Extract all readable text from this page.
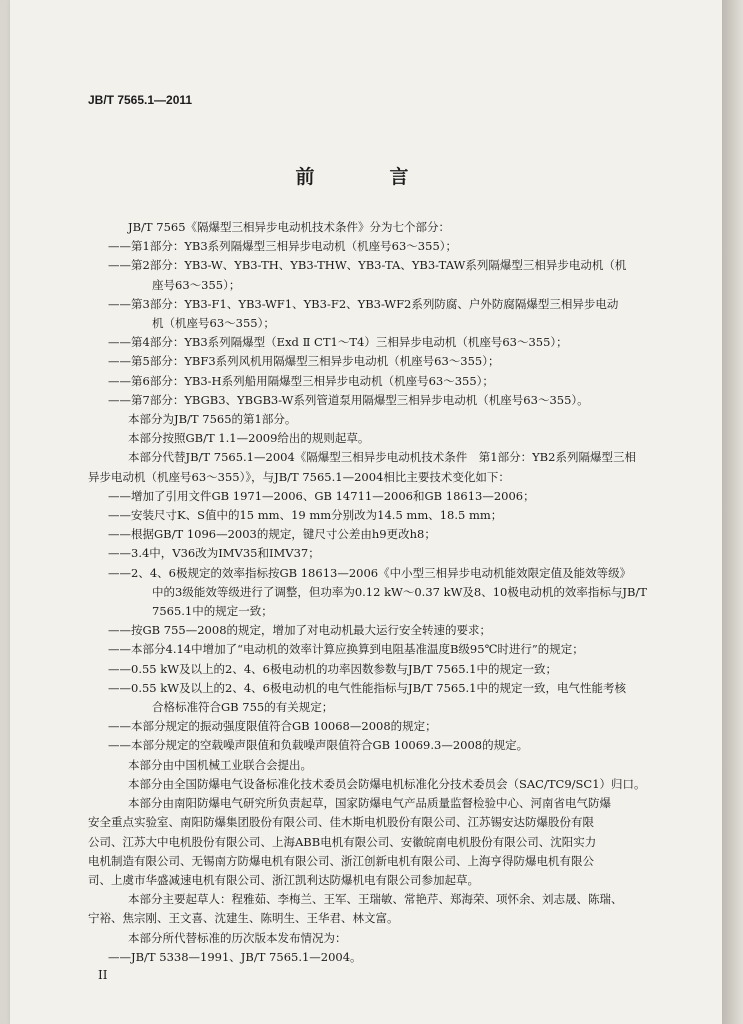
JB/T 7565.1—2011
前　言
JB/T 7565《隔爆型三相异步电动机技术条件》分为七个部分：
——第1部分：YB3系列隔爆型三相异步电动机（机座号63～355）；
——第2部分：YB3-W、YB3-TH、YB3-THW、YB3-TA、YB3-TAW系列隔爆型三相异步电动机（机
座号63～355）；
——第3部分：YB3-F1、YB3-WF1、YB3-F2、YB3-WF2系列防腐、户外防腐隔爆型三相异步电动
机（机座号63～355）；
——第4部分：YB3系列隔爆型（Exd Ⅱ CT1～T4）三相异步电动机（机座号63～355）；
——第5部分：YBF3系列风机用隔爆型三相异步电动机（机座号63～355）；
——第6部分：YB3-H系列船用隔爆型三相异步电动机（机座号63～355）；
——第7部分：YBGB3、YBGB3-W系列管道泵用隔爆型三相异步电动机（机座号63～355）。
本部分为JB/T 7565的第1部分。
本部分按照GB/T 1.1—2009给出的规则起草。
本部分代替JB/T 7565.1—2004《隔爆型三相异步电动机技术条件　第1部分：YB2系列隔爆型三相
异步电动机（机座号63～355）》，与JB/T 7565.1—2004相比主要技术变化如下：
——增加了引用文件GB 1971—2006、GB 14711—2006和GB 18613—2006；
——安装尺寸K、S值中的15 mm、19 mm分别改为14.5 mm、18.5 mm；
——根据GB/T 1096—2003的规定，键尺寸公差由h9更改h8；
——3.4中，V36改为IMV35和IMV37；
——2、4、6极规定的效率指标按GB 18613—2006《中小型三相异步电动机能效限定值及能效等级》
中的3级能效等级进行了调整，但功率为0.12 kW～0.37 kW及8、10极电动机的效率指标与JB/T
7565.1中的规定一致；
——按GB 755—2008的规定，增加了对电动机最大运行安全转速的要求；
——本部分4.14中增加了“电动机的效率计算应换算到电阻基准温度B级95℃时进行”的规定；
——0.55 kW及以上的2、4、6极电动机的功率因数参数与JB/T 7565.1中的规定一致；
——0.55 kW及以上的2、4、6极电动机的电气性能指标与JB/T 7565.1中的规定一致，电气性能考核
合格标准符合GB 755的有关规定；
——本部分规定的振动强度限值符合GB 10068—2008的规定；
——本部分规定的空载噪声限值和负载噪声限值符合GB 10069.3—2008的规定。
本部分由中国机械工业联合会提出。
本部分由全国防爆电气设备标准化技术委员会防爆电机标准化分技术委员会（SAC/TC9/SC1）归口。
本部分由南阳防爆电气研究所负责起草，国家防爆电气产品质量监督检验中心、河南省电气防爆
安全重点实验室、南阳防爆集团股份有限公司、佳木斯电机股份有限公司、江苏锡安达防爆股份有限
公司、江苏大中电机股份有限公司、上海ABB电机有限公司、安徽皖南电机股份有限公司、沈阳实力
电机制造有限公司、无锡南方防爆电机有限公司、浙江创新电机有限公司、上海亨得防爆电机有限公
司、上虞市华盛减速电机有限公司、浙江凯利达防爆机电有限公司参加起草。
本部分主要起草人：程雅茹、李梅兰、王军、王瑞敏、常艳芹、郑海荣、项怀余、刘志晟、陈瑞、
宁裕、焦宗刚、王文喜、沈建生、陈明生、王华君、林文富。
本部分所代替标准的历次版本发布情况为：
——JB/T 5338—1991、JB/T 7565.1—2004。
II
